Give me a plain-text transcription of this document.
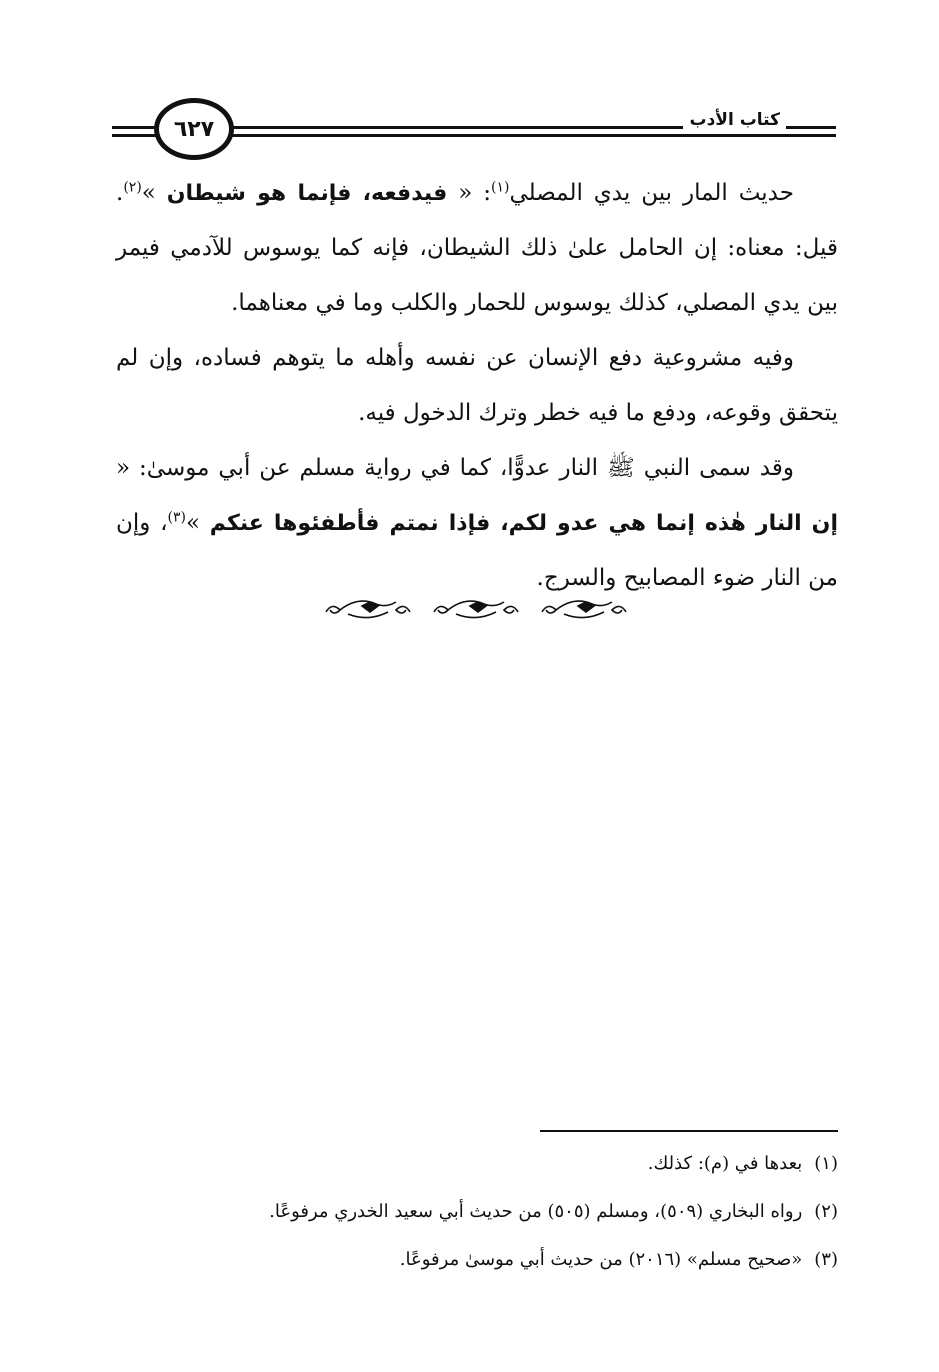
كتاب الأدب
٦٢٧

حديث المار بين يدي المصلي$^{(١)}$: « فيدفعه، فإنما هو شيطان »$^{(٢)}$. قيل: معناه: إن الحامل علىٰ ذلك الشيطان، فإنه كما يوسوس للآدمي فيمر بين يدي المصلي، كذلك يوسوس للحمار والكلب وما في معناهما.

وفيه مشروعية دفع الإنسان عن نفسه وأهله ما يتوهم فساده، وإن لم يتحقق وقوعه، ودفع ما فيه خطر وترك الدخول فيه.

وقد سمى النبي ﷺ النار عدوًّا، كما في رواية مسلم عن أبي موسىٰ: « إن النار هٰذه إنما هي عدو لكم، فإذا نمتم فأطفئوها عنكم »$^{(٣)}$، وإن من النار ضوء المصابيح والسرج.

(١)بعدها في (م): كذلك.

(٢)رواه البخاري (٥٠٩)، ومسلم (٥٠٥) من حديث أبي سعيد الخدري مرفوعًا.

(٣)«صحيح مسلم» (٢٠١٦) من حديث أبي موسىٰ مرفوعًا.
